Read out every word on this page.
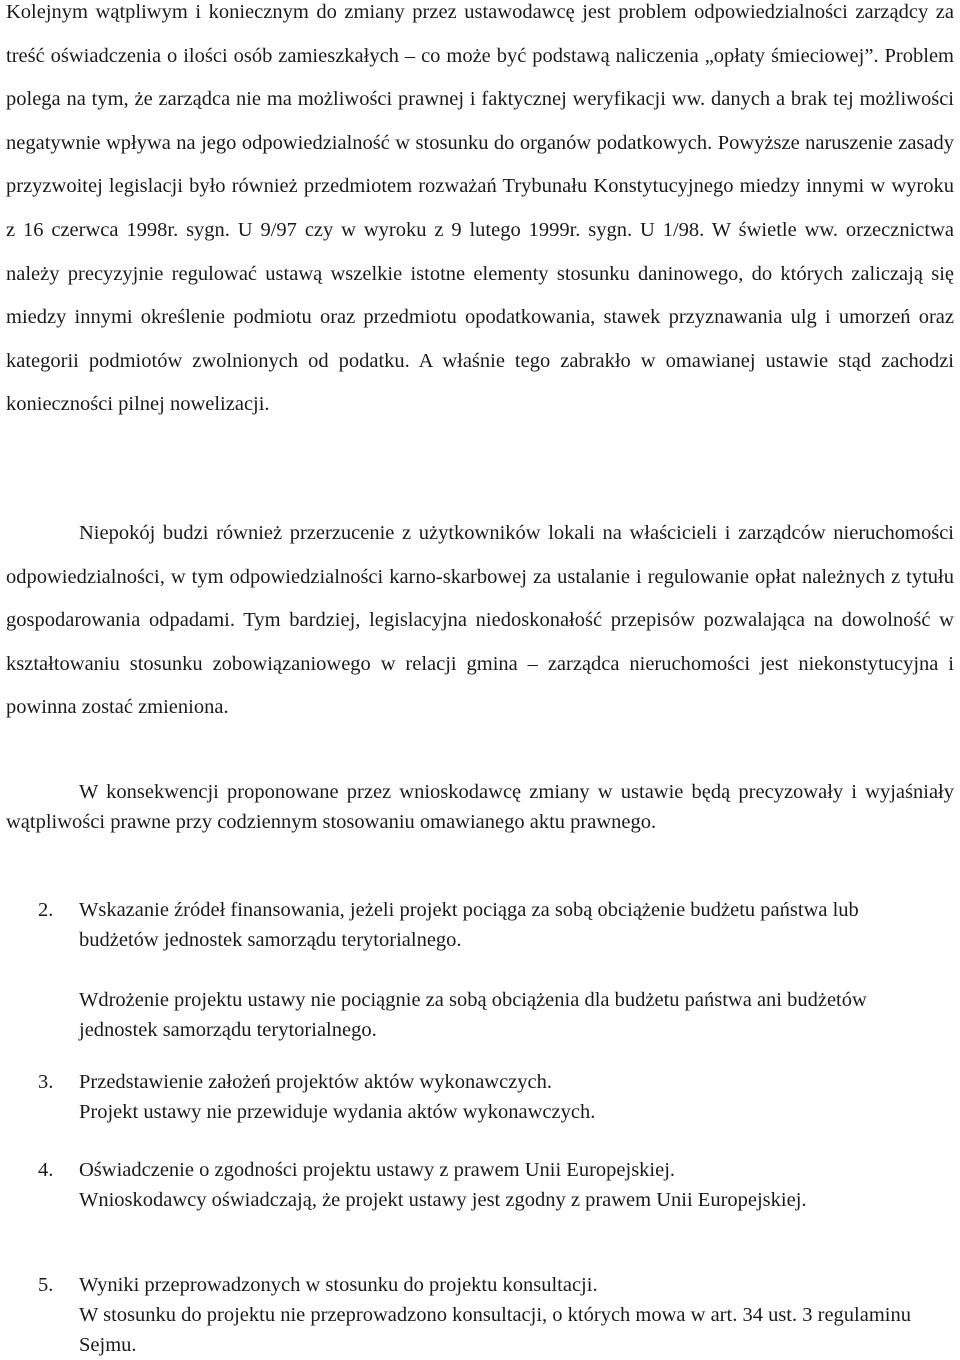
Kolejnym wątpliwym i koniecznym do zmiany przez ustawodawcę jest problem odpowiedzialności zarządcy za treść oświadczenia o ilości osób zamieszkałych – co może być podstawą naliczenia „opłaty śmieciowej”. Problem polega na tym, że zarządca nie ma możliwości prawnej i faktycznej weryfikacji ww. danych a brak tej możliwości negatywnie wpływa na jego odpowiedzialność w stosunku do organów podatkowych. Powyższe naruszenie zasady przyzwoitej legislacji było również przedmiotem rozważań Trybunału Konstytucyjnego miedzy innymi w wyroku z 16 czerwca 1998r. sygn. U 9/97 czy w wyroku z 9 lutego 1999r. sygn. U 1/98. W świetle ww. orzecznictwa należy precyzyjnie regulować ustawą wszelkie istotne elementy stosunku daninowego, do których zaliczają się miedzy innymi określenie podmiotu oraz przedmiotu opodatkowania, stawek przyznawania ulg i umorzeń oraz kategorii podmiotów zwolnionych od podatku. A właśnie tego zabrakło w omawianej ustawie stąd zachodzi konieczności pilnej nowelizacji.

Niepokój budzi również przerzucenie z użytkowników lokali na właścicieli i zarządców nieruchomości odpowiedzialności, w tym odpowiedzialności karno-skarbowej za ustalanie i regulowanie opłat należnych z tytułu gospodarowania odpadami. Tym bardziej, legislacyjna niedoskonałość przepisów pozwalająca na dowolność w kształtowaniu stosunku zobowiązaniowego w relacji gmina – zarządca nieruchomości jest niekonstytucyjna i powinna zostać zmieniona.

W konsekwencji proponowane przez wnioskodawcę zmiany w ustawie będą precyzowały i wyjaśniały wątpliwości prawne przy codziennym stosowaniu omawianego aktu prawnego.

2. Wskazanie źródeł finansowania, jeżeli projekt pociąga za sobą obciążenie budżetu państwa lub budżetów jednostek samorządu terytorialnego.

Wdrożenie projektu ustawy nie pociągnie za sobą obciążenia dla budżetu państwa ani budżetów jednostek samorządu terytorialnego.

3. Przedstawienie założeń projektów aktów wykonawczych.

Projekt ustawy nie przewiduje wydania aktów wykonawczych.

4. Oświadczenie o zgodności projektu ustawy z prawem Unii Europejskiej.

Wnioskodawcy oświadczają, że projekt ustawy jest zgodny z prawem Unii Europejskiej.

5. Wyniki przeprowadzonych w stosunku do projektu konsultacji.

W stosunku do projektu nie przeprowadzono konsultacji, o których mowa w art. 34 ust. 3 regulaminu Sejmu.
